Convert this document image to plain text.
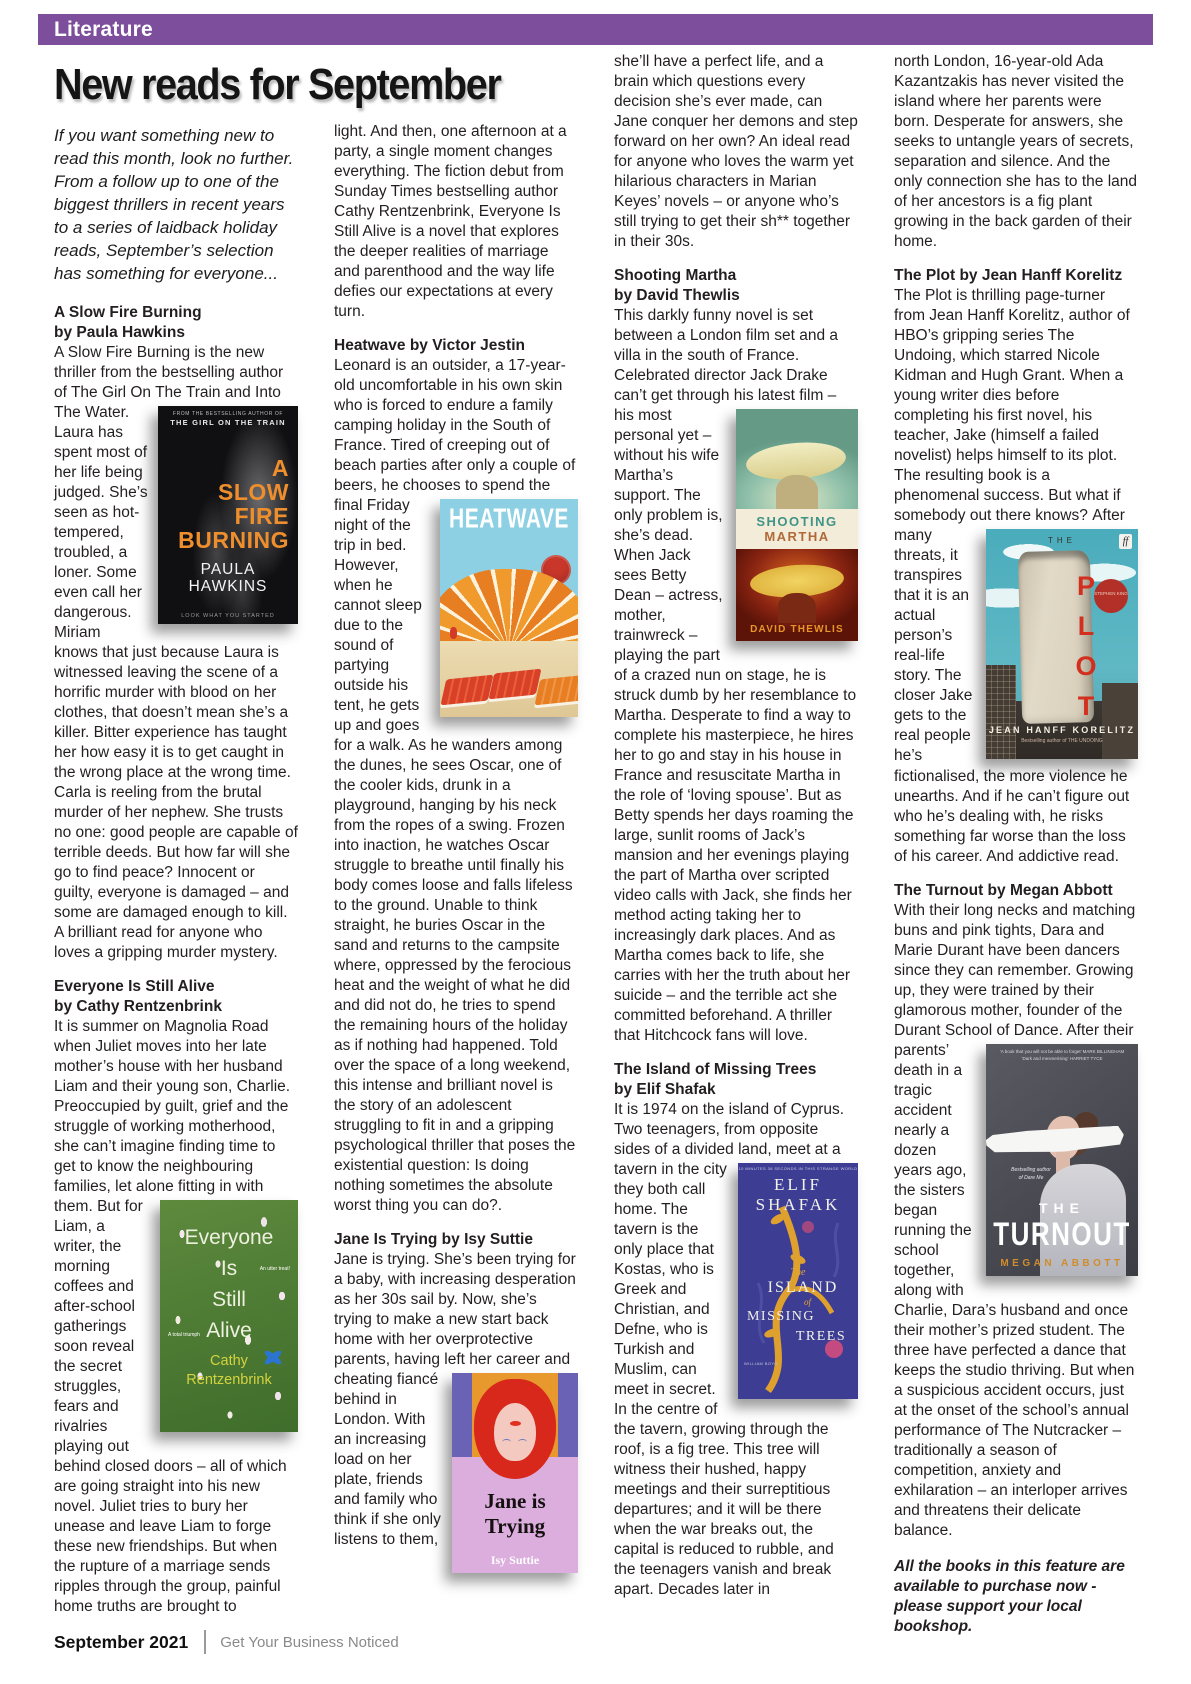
Literature
New reads for September
If you want something new to read this month, look no further. From a follow up to one of the biggest thrillers in recent years to a series of laidback holiday reads, September’s selection has something for everyone...
A Slow Fire Burning
by Paula Hawkins
A Slow Fire Burning is the new thriller from the bestselling author of The Girl On The Train and Into
FROM THE BESTSELLING AUTHOR OF
THE GIRL ON THE TRAIN
A
SLOW
FIRE
BURNING
PAULA
HAWKINS
LOOK WHAT YOU STARTED
The Water. Laura has spent most of her life being judged. She’s seen as hot-tempered, troubled, a loner. Some even call her dangerous. Miriam knows that just because Laura is witnessed leaving the scene of a horrific murder with blood on her clothes, that doesn’t mean she’s a killer. Bitter experience has taught her how easy it is to get caught in the wrong place at the wrong time. Carla is reeling from the brutal murder of her nephew. She trusts no one: good people are capable of terrible deeds. But how far will she go to find peace? Innocent or guilty, everyone is damaged – and some are damaged enough to kill. A brilliant read for anyone who loves a gripping murder mystery.
Everyone Is Still Alive
by Cathy Rentzenbrink
It is summer on Magnolia Road when Juliet moves into her late mother’s house with her husband Liam and their young son, Charlie. Preoccupied by guilt, grief and the struggle of working motherhood, she can’t imagine finding time to get to know the neighbouring families, let alone fitting in with
Everyone
Is
Still
Alive
An utter treat!
A total triumph
Cathy
Rentzenbrink
them. But for Liam, a writer, the morning coffees and after-school gatherings soon reveal the secret struggles, fears and rivalries playing out behind closed doors – all of which are going straight into his new novel. Juliet tries to bury her unease and leave Liam to forge these new friendships. But when the rupture of a marriage sends ripples through the group, painful home truths are brought to
light. And then, one afternoon at a party, a single moment changes everything. The fiction debut from Sunday Times bestselling author Cathy Rentzenbrink, Everyone Is Still Alive is a novel that explores the deeper realities of marriage and parenthood and the way life defies our expectations at every turn.
Heatwave by Victor Jestin
Leonard is an outsider, a 17-year-old uncomfortable in his own skin who is forced to endure a family camping holiday in the South of France. Tired of creeping out of beach parties after only a couple of beers, he chooses to spend the
HEATWAVE
final Friday night of the trip in bed. However, when he cannot sleep due to the sound of partying outside his tent, he gets up and goes for a walk. As he wanders among the dunes, he sees Oscar, one of the cooler kids, drunk in a playground, hanging by his neck from the ropes of a swing. Frozen into inaction, he watches Oscar struggle to breathe until finally his body comes loose and falls lifeless to the ground. Unable to think straight, he buries Oscar in the sand and returns to the campsite where, oppressed by the ferocious heat and the weight of what he did and did not do, he tries to spend the remaining hours of the holiday as if nothing had happened. Told over the space of a long weekend, this intense and brilliant novel is the story of an adolescent struggling to fit in and a gripping psychological thriller that poses the existential question: Is doing nothing sometimes the absolute worst thing you can do?.
Jane Is Trying by Isy Suttie
Jane is trying. She’s been trying for a baby, with increasing desperation as her 30s sail by. Now, she’s trying to make a new start back home with her overprotective parents, having left her career and cheating
Jane is
Trying
Isy Suttie
fiancé behind in London. With an increasing load on her plate, friends and family who think if she only listens to them,
she’ll have a perfect life, and a brain which questions every decision she’s ever made, can Jane conquer her demons and step forward on her own? An ideal read for anyone who loves the warm yet hilarious characters in Marian Keyes’ novels – or anyone who’s still trying to get their sh** together in their 30s.
Shooting Martha
by David Thewlis
This darkly funny novel is set between a London film set and a villa in the south of France. Celebrated director Jack Drake can’t get through his latest film –
SHOOTING
MARTHA
DAVID THEWLIS
his most personal yet – without his wife Martha’s support. The only problem is, she’s dead. When Jack sees Betty Dean – actress, mother, trainwreck – playing the part of a crazed nun on stage, he is struck dumb by her resemblance to Martha. Desperate to find a way to complete his masterpiece, he hires her to go and stay in his house in France and resuscitate Martha in the role of ‘loving spouse’. But as Betty spends her days roaming the large, sunlit rooms of Jack’s mansion and her evenings playing the part of Martha over scripted video calls with Jack, she finds her method acting taking her to increasingly dark places. And as Martha comes back to life, she carries with her the truth about her suicide – and the terrible act she committed beforehand. A thriller that Hitchcock fans will love.
The Island of Missing Trees
by Elif Shafak
It is 1974 on the island of Cyprus. Two teenagers, from opposite sides of a divided land, meet at a tavern	10 MINUTES 38 SECONDS IN THIS STRANGE WORLD
ELIF
SHAFAK
The
ISLAND
of
MISSING
TREES
WILLIAM BOYD
in the city they both call home. The tavern is the only place that Kostas, who is Greek and Christian, and Defne, who is Turkish and Muslim, can meet in secret. In the centre of the tavern, growing through the roof, is a fig tree. This tree will witness their hushed, happy meetings and their surreptitious departures; and it will be there when the war breaks out, the capital is reduced to rubble, and the teenagers vanish and break apart. Decades later in
north London, 16-year-old Ada Kazantzakis has never visited the island where her parents were born. Desperate for answers, she seeks to untangle years of secrets, separation and silence. And the only connection she has to the land of her ancestors is a fig plant growing in the back garden of their home.
The Plot by Jean Hanff Korelitz
The Plot is thrilling page-turner from Jean Hanff Korelitz, author of HBO’s gripping series The Undoing, which starred Nicole Kidman and Hugh Grant. When a young writer dies before completing his first novel, his teacher, Jake (himself a failed novelist) helps himself to its plot. The resulting book is a phenomenal success. But what if somebody out there knows?
THE	ff
STEPHEN KING
PLOT
JEAN HANFF KORELITZ
Bestselling author of THE UNDOING
After many threats, it transpires that it is an actual person’s real-life story. The closer Jake gets to the real people he’s fictionalised, the more violence he unearths. And if he can’t figure out who he’s dealing with, he risks something far worse than the loss of his career. And addictive read.
The Turnout by Megan Abbott
With their long necks and matching buns and pink tights, Dara and Marie Durant have been dancers since they can remember. Growing up, they were trained by their glamorous mother, founder of the Durant School of Dance. After their
‘A book that you will not be able to forget’ MARK BILLINGHAM
‘Dark and mesmerising’ HARRIET TYCE
Bestselling author
of Dare Me
THE
TURNOUT
MEGAN ABBOTT
parents’ death in a tragic accident nearly a dozen years ago, the sisters began running the school together, along with Charlie, Dara’s husband and once their mother’s prized student. The three have perfected a dance that keeps the studio thriving. But when a suspicious accident occurs, just at the onset of the school’s annual performance of The Nutcracker – traditionally a season of competition, anxiety and exhilaration – an interloper arrives and threatens their delicate balance.
All the books in this feature are available to purchase now - please support your local bookshop.
September 2021 Get Your Business Noticed
